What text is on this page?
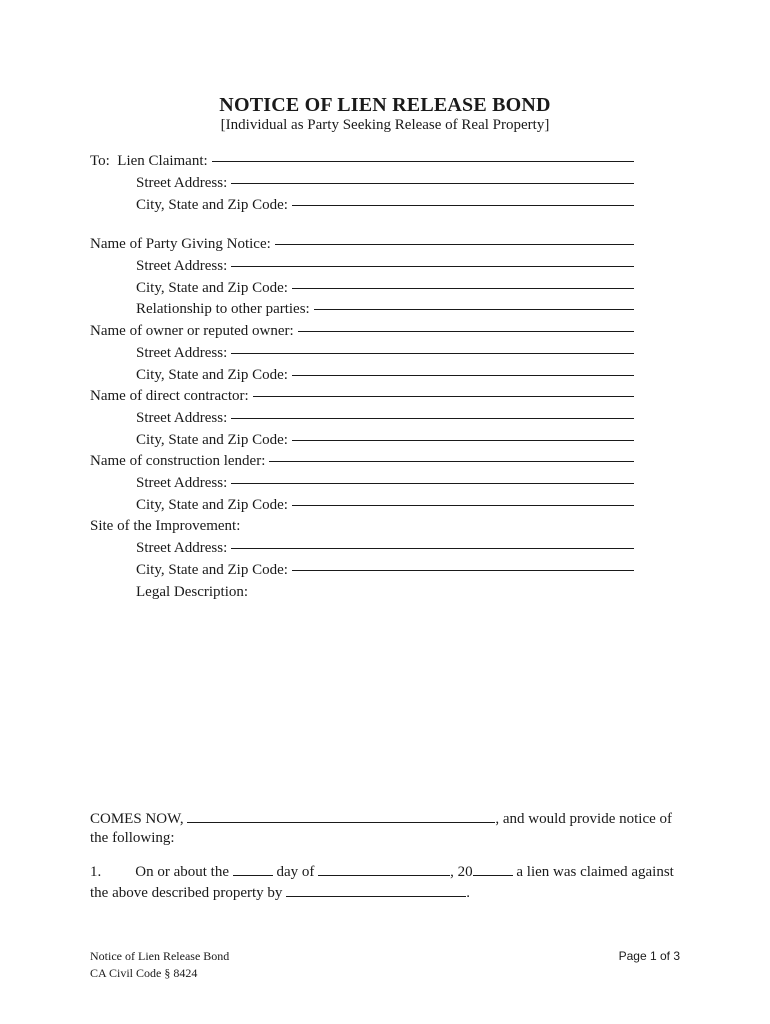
NOTICE OF LIEN RELEASE BOND
[Individual as Party Seeking Release of Real Property]
To:  Lien Claimant:
Street Address:
City, State and Zip Code:
Name of Party Giving Notice:
Street Address:
City, State and Zip Code:
Relationship to other parties:
Name of owner or reputed owner:
Street Address:
City, State and Zip Code:
Name of direct contractor:
Street Address:
City, State and Zip Code:
Name of construction lender:
Street Address:
City, State and Zip Code:
Site of the Improvement:
Street Address:
City, State and Zip Code:
Legal Description:
COMES NOW,	, and would provide notice of the following:
1. On or about the	day of	, 20	a lien was claimed against the above described property by	.
Notice of Lien Release Bond
CA Civil Code § 8424
Page 1 of 3
